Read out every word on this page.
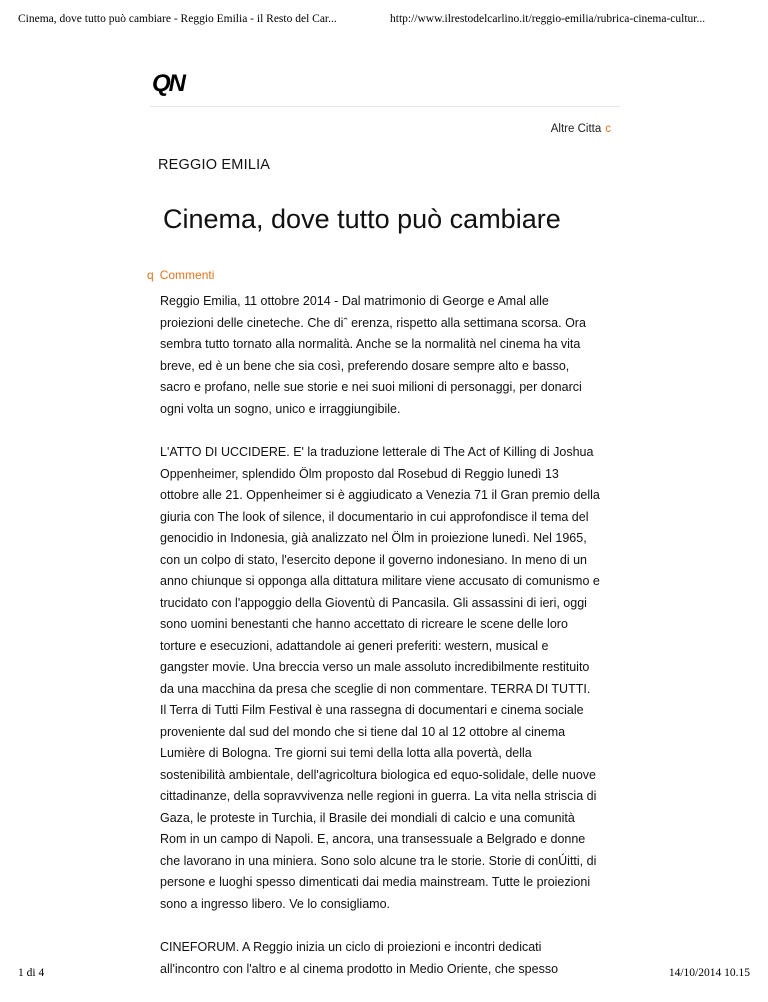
Cinema, dove tutto può cambiare - Reggio Emilia - il Resto del Car...	http://www.ilrestodelcarlino.it/reggio-emilia/rubrica-cinema-cultur...
QN
Altre Citta c
REGGIO EMILIA
Cinema, dove tutto può cambiare
q Commenti

Reggio Emilia, 11 ottobre 2014 - Dal matrimonio di George e Amal alle proiezioni delle cineteche. Che diˆ erenza, rispetto alla settimana scorsa. Ora sembra tutto tornato alla normalità. Anche se la normalità nel cinema ha vita breve, ed è un bene che sia così, preferendo dosare sempre alto e basso, sacro e profano, nelle sue storie e nei suoi milioni di personaggi, per donarci ogni volta un sogno, unico e irraggiungibile.

L'ATTO DI UCCIDERE. E' la traduzione letterale di The Act of Killing di Joshua Oppenheimer, splendido Ölm proposto dal Rosebud di Reggio lunedì 13 ottobre alle 21. Oppenheimer si è aggiudicato a Venezia 71 il Gran premio della giuria con The look of silence, il documentario in cui approfondisce il tema del genocidio in Indonesia, già analizzato nel Ölm in proiezione lunedì. Nel 1965, con un colpo di stato, l'esercito depone il governo indonesiano. In meno di un anno chiunque si opponga alla dittatura militare viene accusato di comunismo e trucidato con l'appoggio della Gioventù di Pancasila. Gli assassini di ieri, oggi sono uomini benestanti che hanno accettato di ricreare le scene delle loro torture e esecuzioni, adattandole ai generi preferiti: western, musical e gangster movie. Una breccia verso un male assoluto incredibilmente restituito da una macchina da presa che sceglie di non commentare. TERRA DI TUTTI. Il Terra di Tutti Film Festival è una rassegna di documentari e cinema sociale proveniente dal sud del mondo che si tiene dal 10 al 12 ottobre al cinema Lumière di Bologna. Tre giorni sui temi della lotta alla povertà, della sostenibilità ambientale, dell'agricoltura biologica ed equo-solidale, delle nuove cittadinanze, della sopravvivenza nelle regioni in guerra. La vita nella striscia di Gaza, le proteste in Turchia, il Brasile dei mondiali di calcio e una comunità Rom in un campo di Napoli. E, ancora, una transessuale a Belgrado e donne che lavorano in una miniera. Sono solo alcune tra le storie. Storie di conÚitti, di persone e luoghi spesso dimenticati dai media mainstream. Tutte le proiezioni sono a ingresso libero. Ve lo consigliamo.

CINEFORUM. A Reggio inizia un ciclo di proiezioni e incontri dedicati all'incontro con l'altro e al cinema prodotto in Medio Oriente, che spesso

1 di 4	14/10/2014 10.15
